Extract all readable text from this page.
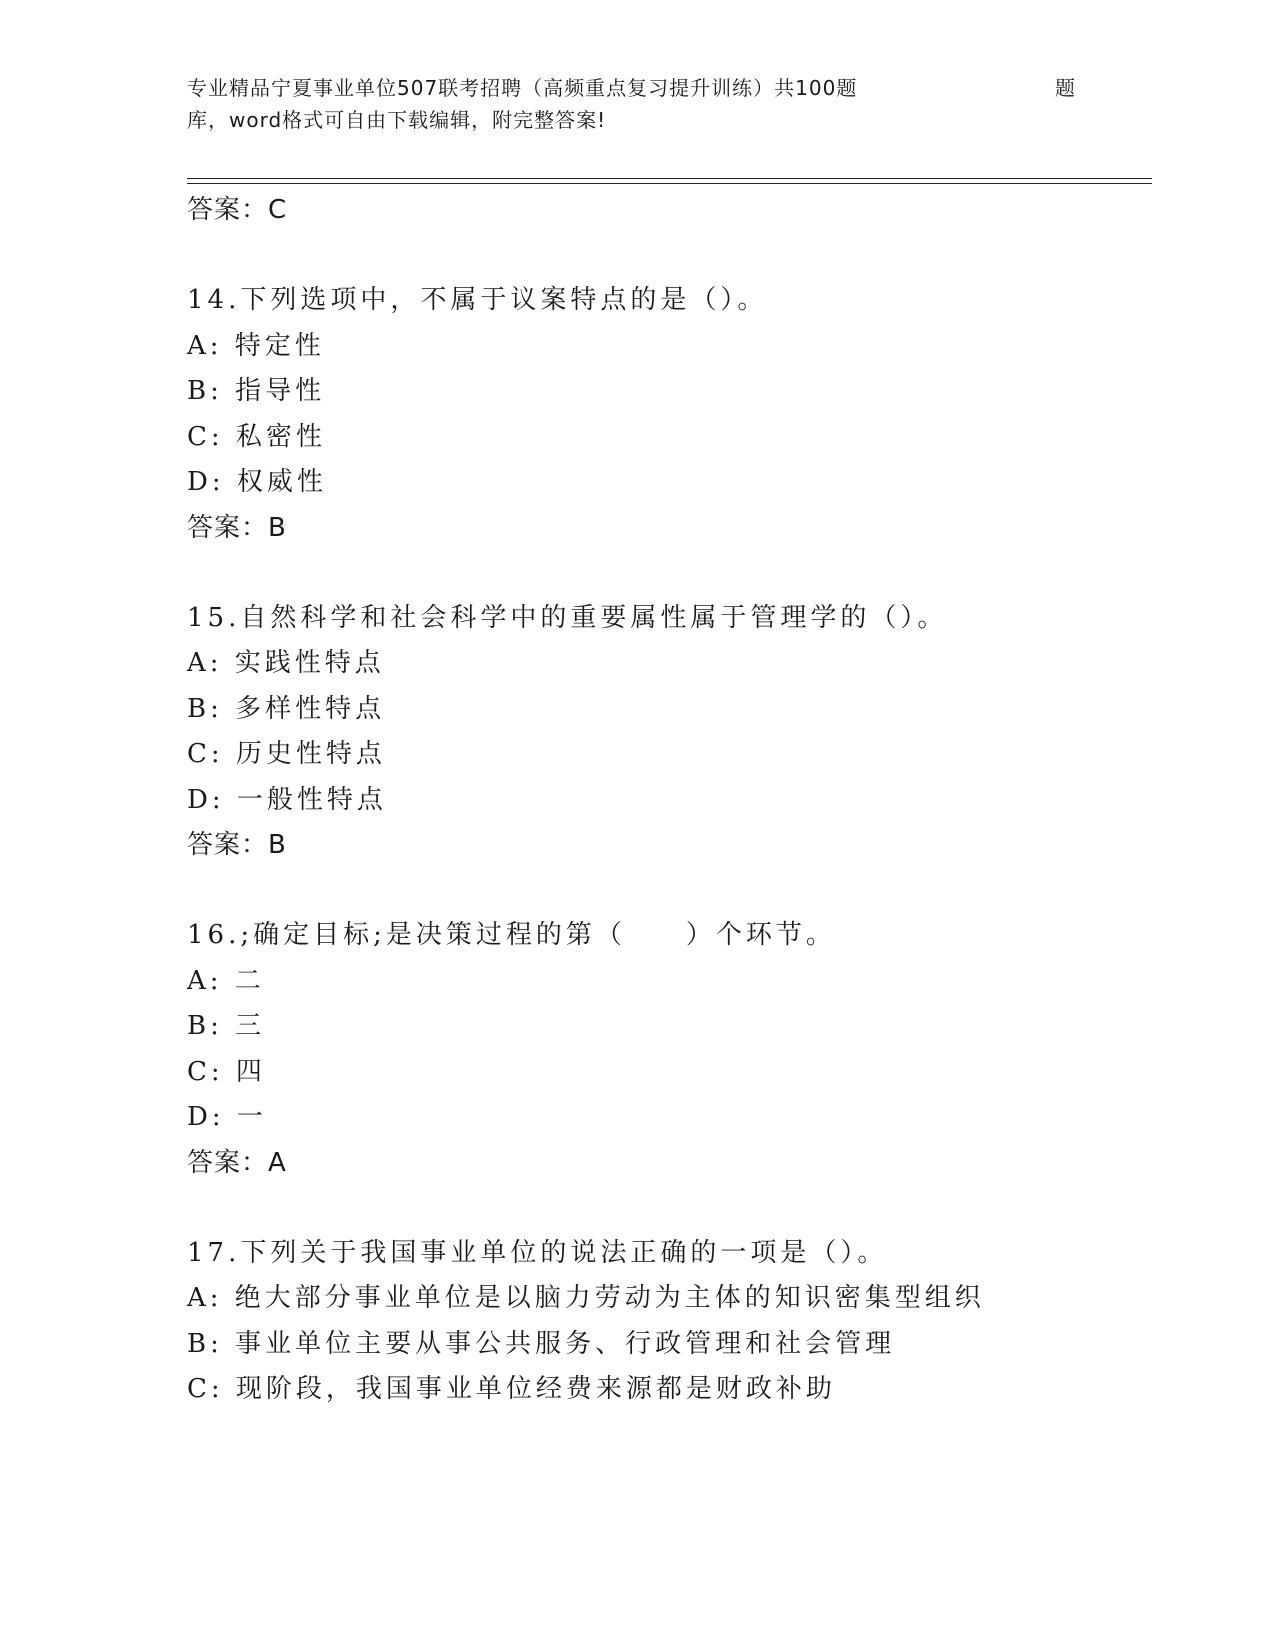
专业精品宁夏事业单位507联考招聘（高频重点复习提升训练）共100题	题
库，word格式可自由下载编辑，附完整答案!
答案：C
14.下列选项中，不属于议案特点的是（）。
A: 特定性
B: 指导性
C: 私密性
D: 权威性
答案：B
15.自然科学和社会科学中的重要属性属于管理学的（）。
A: 实践性特点
B: 多样性特点
C: 历史性特点
D: 一般性特点
答案：B
16.;确定目标;是决策过程的第（　　）个环节。
A: 二
B: 三
C: 四
D: 一
答案：A
17.下列关于我国事业单位的说法正确的一项是（）。
A: 绝大部分事业单位是以脑力劳动为主体的知识密集型组织
B: 事业单位主要从事公共服务、行政管理和社会管理
C: 现阶段，我国事业单位经费来源都是财政补助
